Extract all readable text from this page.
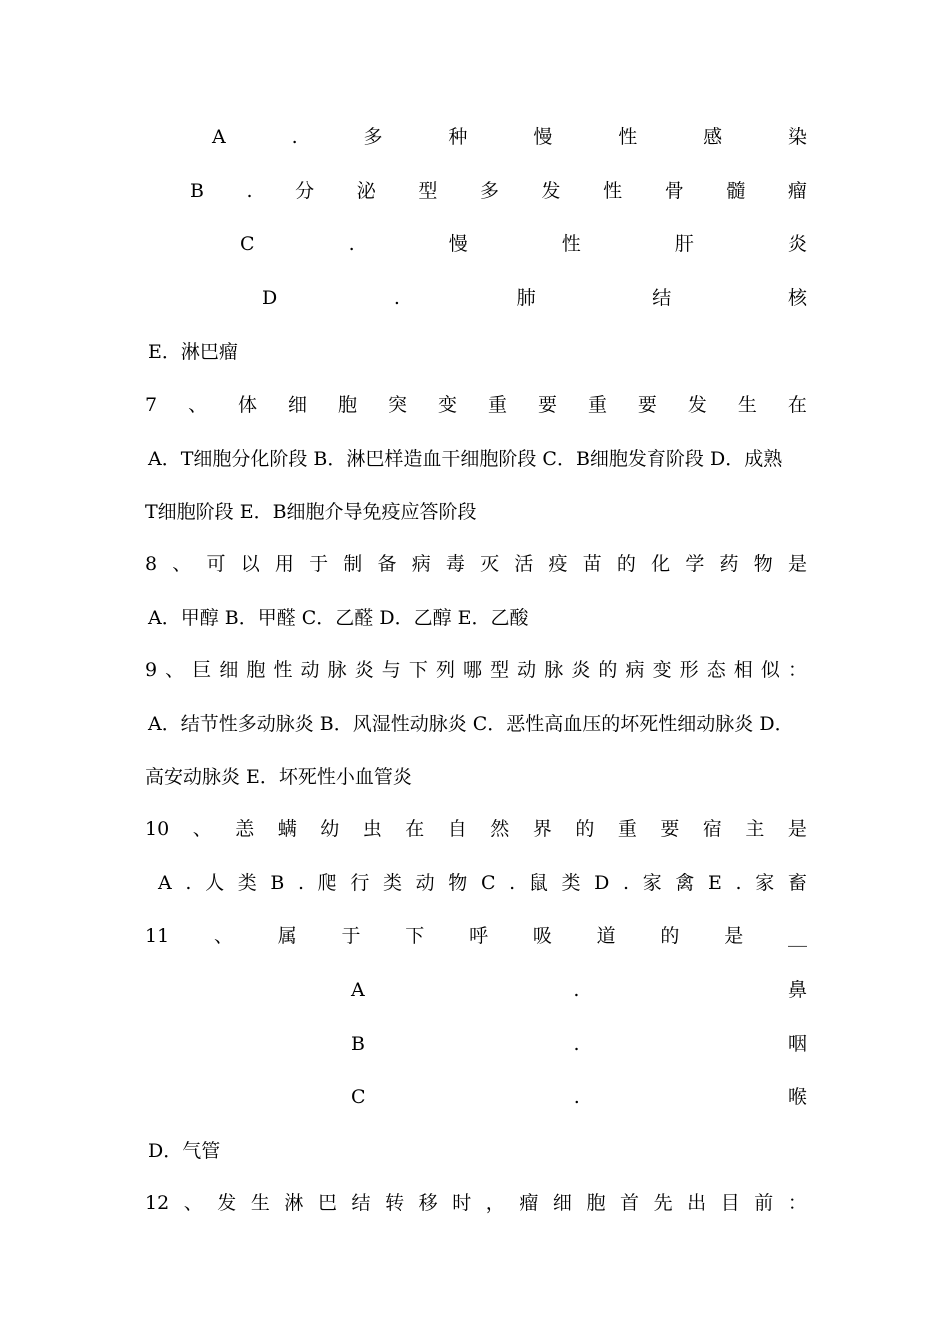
A	.	多	种	慢	性	感	染
B . 分 泌 型 多 发 性 骨 髓 瘤
C	.	慢	性	肝	炎
D	.	肺	结	核
E．淋巴瘤
7 、 体 细 胞 突 变 重 要 重 要 发 生 在
A．T细胞分化阶段 B．淋巴样造血干细胞阶段 C．B细胞发育阶段 D．成熟
T细胞阶段 E．B细胞介导免疫应答阶段
8 、 可 以 用 于 制 备 病 毒 灭 活 疫 苗 的 化 学 药 物 是
A．甲醇 B．甲醛 C．乙醛 D．乙醇 E．乙酸
9 、 巨 细 胞 性 动 脉 炎 与 下 列 哪 型 动 脉 炎 的 病 变 形 态 相 似 ：
A．结节性多动脉炎 B．风湿性动脉炎 C．恶性高血压的坏死性细动脉炎 D．
高安动脉炎 E．坏死性小血管炎
10 、 恙 螨 幼 虫 在 自 然 界 的 重 要 宿 主 是
A . 人 类 B . 爬 行 类 动 物 C . 鼠 类 D . 家 禽 E . 家 畜
11 、 属 于 下 呼 吸 道 的 是 __
A	.	鼻
B	.	咽
C	.	喉
D．气管
12 、 发 生 淋 巴 结 转 移 时 ， 瘤 细 胞 首 先 出 目 前 ：
